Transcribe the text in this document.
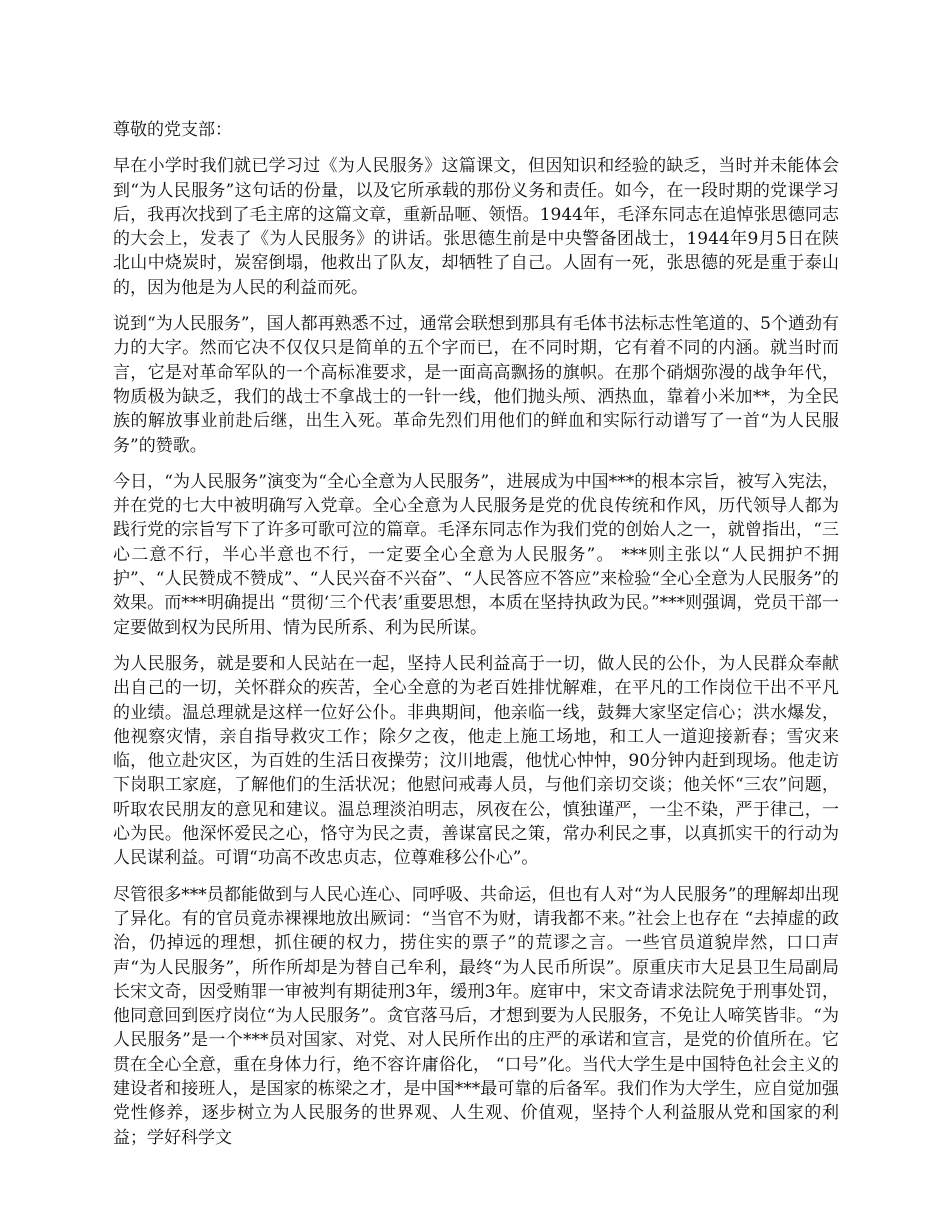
尊敬的党支部：

早在小学时我们就已学习过《为人民服务》这篇课文，但因知识和经验的缺乏，当时并未能体会到“为人民服务”这句话的份量，以及它所承载的那份义务和责任。如今，在一段时期的党课学习后，我再次找到了毛主席的这篇文章，重新品咂、领悟。1944年，毛泽东同志在追悼张思德同志的大会上，发表了《为人民服务》的讲话。张思德生前是中央警备团战士，1944年9月5日在陕北山中烧炭时，炭窑倒塌，他救出了队友，却牺牲了自己。人固有一死，张思德的死是重于泰山的，因为他是为人民的利益而死。

说到“为人民服务”，国人都再熟悉不过，通常会联想到那具有毛体书法标志性笔道的、5个遒劲有力的大字。然而它决不仅仅只是简单的五个字而已，在不同时期，它有着不同的内涵。就当时而言，它是对革命军队的一个高标准要求，是一面高高飘扬的旗帜。在那个硝烟弥漫的战争年代，物质极为缺乏，我们的战士不拿战士的一针一线，他们抛头颅、洒热血，靠着小米加**，为全民族的解放事业前赴后继，出生入死。革命先烈们用他们的鲜血和实际行动谱写了一首“为人民服务”的赞歌。

今日，“为人民服务”演变为“全心全意为人民服务”，进展成为中国***的根本宗旨，被写入宪法，并在党的七大中被明确写入党章。全心全意为人民服务是党的优良传统和作风，历代领导人都为践行党的宗旨写下了许多可歌可泣的篇章。毛泽东同志作为我们党的创始人之一，就曾指出，“三心二意不行，半心半意也不行，一定要全心全意为人民服务”。 ***则主张以“人民拥护不拥护”、“人民赞成不赞成”、“人民兴奋不兴奋”、“人民答应不答应”来检验“全心全意为人民服务”的效果。而***明确提出 “贯彻‘三个代表’重要思想，本质在坚持执政为民。”***则强调，党员干部一定要做到权为民所用、情为民所系、利为民所谋。

为人民服务，就是要和人民站在一起，坚持人民利益高于一切，做人民的公仆，为人民群众奉献出自己的一切，关怀群众的疾苦，全心全意的为老百姓排忧解难，在平凡的工作岗位干出不平凡的业绩。温总理就是这样一位好公仆。非典期间，他亲临一线，鼓舞大家坚定信心；洪水爆发，他视察灾情，亲自指导救灾工作；除夕之夜，他走上施工场地，和工人一道迎接新春；雪灾来临，他立赴灾区，为百姓的生活日夜操劳；汶川地震，他忧心忡忡，90分钟内赶到现场。他走访下岗职工家庭，了解他们的生活状况；他慰问戒毒人员，与他们亲切交谈；他关怀“三农”问题，听取农民朋友的意见和建议。温总理淡泊明志，夙夜在公，慎独谨严，一尘不染，严于律己，一心为民。他深怀爱民之心，恪守为民之责，善谋富民之策，常办利民之事，以真抓实干的行动为人民谋利益。可谓“功高不改忠贞志，位尊难移公仆心”。

尽管很多***员都能做到与人民心连心、同呼吸、共命运，但也有人对“为人民服务”的理解却出现了异化。有的官员竟赤裸裸地放出厥词：“当官不为财，请我都不来。”社会上也存在 “去掉虚的政治，仍掉远的理想，抓住硬的权力，捞住实的票子”的荒谬之言。一些官员道貌岸然，口口声声“为人民服务”，所作所却是为替自己牟利，最终“为人民币所误”。原重庆市大足县卫生局副局长宋文奇，因受贿罪一审被判有期徒刑3年，缓刑3年。庭审中，宋文奇请求法院免于刑事处罚，他同意回到医疗岗位“为人民服务”。贪官落马后，才想到要为人民服务，不免让人啼笑皆非。“为人民服务”是一个***员对国家、对党、对人民所作出的庄严的承诺和宣言，是党的价值所在。它贯在全心全意，重在身体力行，绝不容许庸俗化， “口号”化。当代大学生是中国特色社会主义的建设者和接班人，是国家的栋梁之才，是中国***最可靠的后备军。我们作为大学生，应自觉加强党性修养，逐步树立为人民服务的世界观、人生观、价值观，坚持个人利益服从党和国家的利益；学好科学文
